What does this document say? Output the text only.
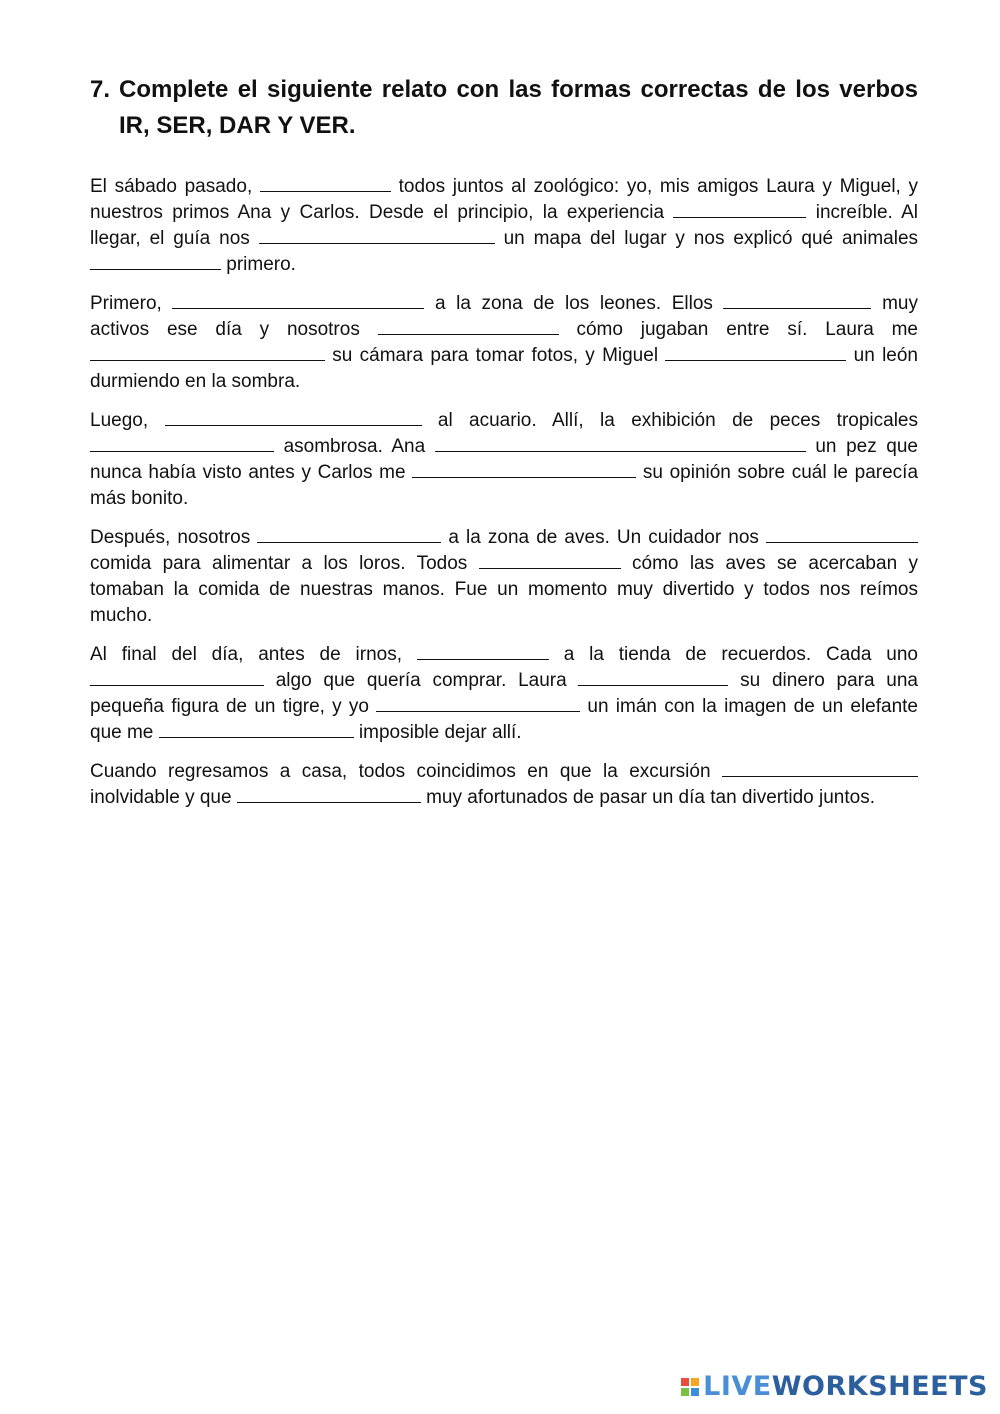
7. Complete el siguiente relato con las formas correctas de los verbos IR, SER, DAR Y VER.

El sábado pasado,	todos juntos al zoológico: yo, mis amigos Laura y Miguel, y nuestros primos Ana y Carlos. Desde el principio, la experiencia	increíble. Al llegar, el guía nos	un mapa del lugar y nos explicó qué animales  primero.

Primero,	a la zona de los leones. Ellos	muy activos ese día y nosotros	cómo jugaban entre sí. Laura me  su cámara para tomar fotos, y Miguel	un león durmiendo en la sombra.

Luego,	al acuario. Allí, la exhibición de peces tropicales  asombrosa. Ana	un pez que nunca había visto antes y Carlos me	su opinión sobre cuál le parecía más bonito.

Después, nosotros	a la zona de aves. Un cuidador nos  comida para alimentar a los loros. Todos	cómo las aves se acercaban y tomaban la comida de nuestras manos. Fue un momento muy divertido y todos nos reímos mucho.

Al final del día, antes de irnos,	a la tienda de recuerdos. Cada uno  algo que quería comprar. Laura	su dinero para una pequeña figura de un tigre, y yo	un imán con la imagen de un elefante que me	imposible dejar allí.

Cuando regresamos a casa, todos coincidimos en que la excursión  inolvidable y que	muy afortunados de pasar un día tan divertido juntos.

LIVE WORKSHEETS
